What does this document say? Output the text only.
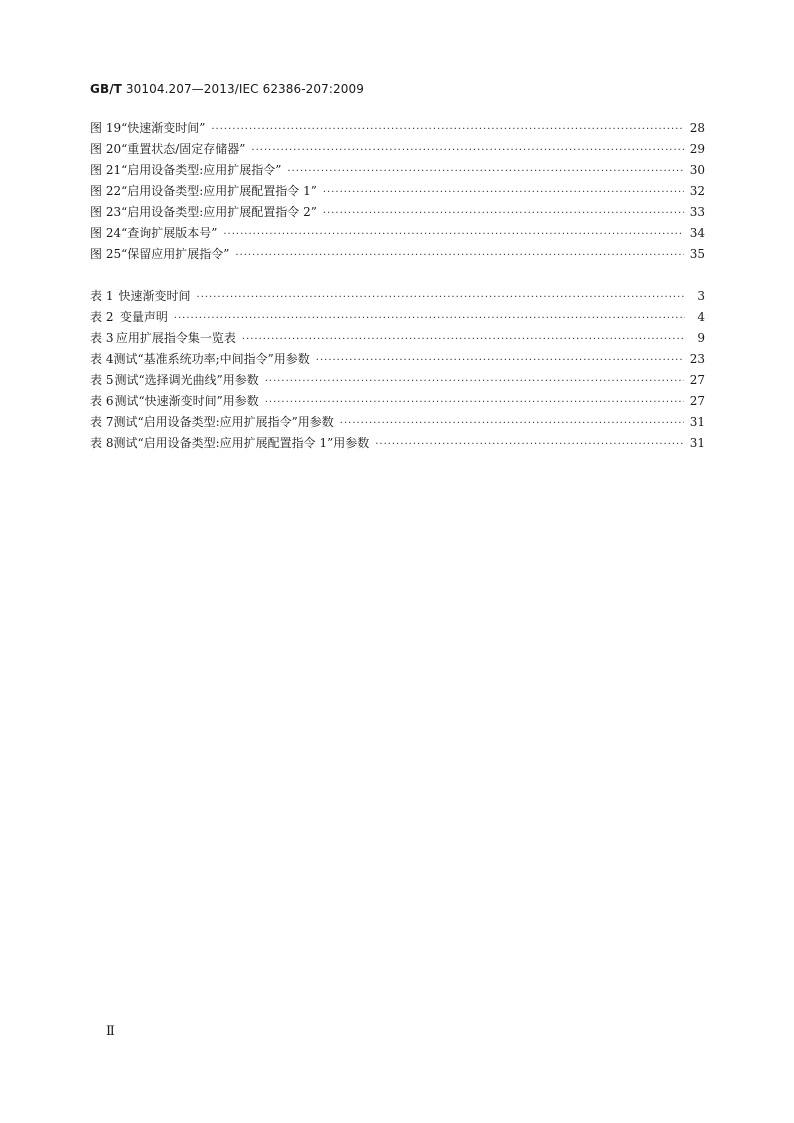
GB/T 30104.207—2013/IEC 62386-207:2009
图 19 “快速渐变时间” ·····	28
图 20 “重置状态/固定存储器” ·····	29
图 21 “启用设备类型:应用扩展指令” ·····	30
图 22 “启用设备类型:应用扩展配置指令 1” ·····	32
图 23 “启用设备类型:应用扩展配置指令 2” ·····	33
图 24 “查询扩展版本号” ·····	34
图 25 “保留应用扩展指令” ·····	35
表 1 快速渐变时间 ·····	3
表 2 变量声明 ·····	4
表 3 应用扩展指令集一览表 ·····	9
表 4 测试“基准系统功率;中间指令”用参数 ·····	23
表 5 测试“选择调光曲线”用参数 ·····	27
表 6 测试“快速渐变时间”用参数 ·····	27
表 7 测试“启用设备类型:应用扩展指令”用参数 ·····	31
表 8 测试“启用设备类型:应用扩展配置指令 1”用参数 ·····	31
Ⅱ
